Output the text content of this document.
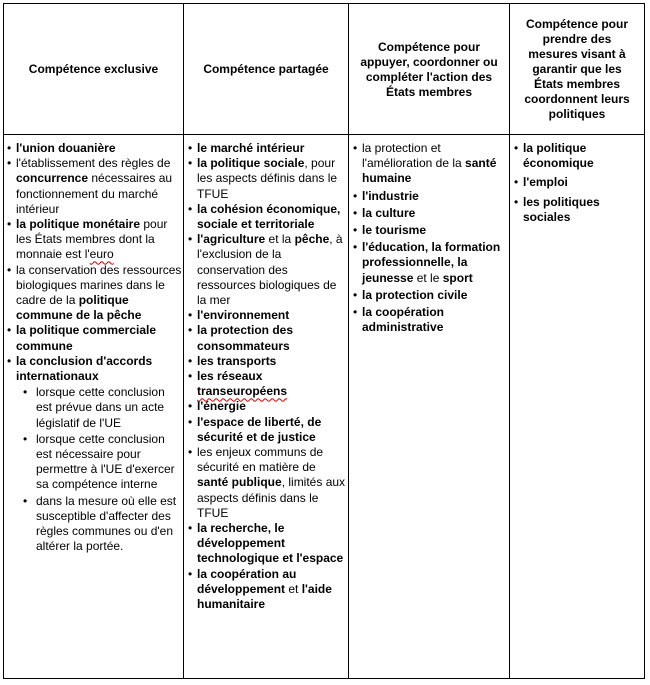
Compétence exclusive	Compétence partagée
Compétence pour appuyer, coordonner ou compléter l'action des États membres
Compétence pour prendre des mesures visant à garantir que les États membres coordonnent leurs politiques
• l'union douanière
• l'établissement des règles de concurrence nécessaires au fonctionnement du marché intérieur
• la politique monétaire pour les États membres dont la monnaie est l'euro
• la conservation des ressources biologiques marines dans le cadre de la politique commune de la pêche
• la politique commerciale commune
• la conclusion d'accords internationaux
• lorsque cette conclusion est prévue dans un acte législatif de l'UE
• lorsque cette conclusion est nécessaire pour permettre à l'UE d'exercer sa compétence interne
• dans la mesure où elle est susceptible d'affecter des règles communes ou d'en altérer la portée.
• le marché intérieur
• la politique sociale, pour les aspects définis dans le TFUE
• la cohésion économique, sociale et territoriale
• l'agriculture et la pêche, à l'exclusion de la conservation des ressources biologiques de la mer
• l'environnement
• la protection des consommateurs
• les transports
• les réseaux transeuropéens
• l'énergie
• l'espace de liberté, de sécurité et de justice
• les enjeux communs de sécurité en matière de santé publique, limités aux aspects définis dans le TFUE
• la recherche, le développement technologique et l'espace
• la coopération au développement et l'aide humanitaire
• la protection et l'amélioration de la santé humaine
• l'industrie
• la culture
• le tourisme
• l'éducation, la formation professionnelle, la jeunesse et le sport
• la protection civile
• la coopération administrative
• la politique économique
• l'emploi
• les politiques sociales
